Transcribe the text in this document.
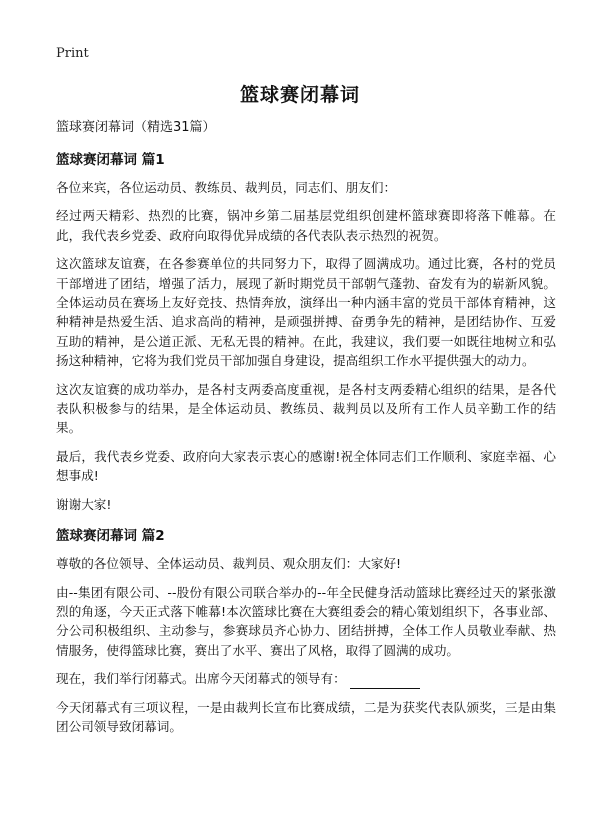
Print
篮球赛闭幕词
篮球赛闭幕词（精选31篇）
篮球赛闭幕词 篇1

各位来宾，各位运动员、教练员、裁判员，同志们、朋友们：

经过两天精彩、热烈的比赛，锅冲乡第二届基层党组织创建杯篮球赛即将落下帷幕。在此，我代表乡党委、政府向取得优异成绩的各代表队表示热烈的祝贺。

这次篮球友谊赛，在各参赛单位的共同努力下，取得了圆满成功。通过比赛，各村的党员干部增进了团结，增强了活力，展现了新时期党员干部朝气蓬勃、奋发有为的崭新风貌。全体运动员在赛场上友好竞技、热情奔放，演绎出一种内涵丰富的党员干部体育精神，这种精神是热爱生活、追求高尚的精神，是顽强拼搏、奋勇争先的精神，是团结协作、互爱互助的精神，是公道正派、无私无畏的精神。在此，我建议，我们要一如既往地树立和弘扬这种精神，它将为我们党员干部加强自身建设，提高组织工作水平提供强大的动力。

这次友谊赛的成功举办，是各村支两委高度重视，是各村支两委精心组织的结果，是各代表队积极参与的结果，是全体运动员、教练员、裁判员以及所有工作人员辛勤工作的结果。

最后，我代表乡党委、政府向大家表示衷心的感谢!祝全体同志们工作顺利、家庭幸福、心想事成!

谢谢大家!

篮球赛闭幕词 篇2

尊敬的各位领导、全体运动员、裁判员、观众朋友们：大家好!

由--集团有限公司、--股份有限公司联合举办的--年全民健身活动篮球比赛经过天的紧张激烈的角逐，今天正式落下帷幕!本次篮球比赛在大赛组委会的精心策划组织下，各事业部、分公司积极组织、主动参与，参赛球员齐心协力、团结拼搏，全体工作人员敬业奉献、热情服务，使得篮球比赛，赛出了水平、赛出了风格，取得了圆满的成功。

现在，我们举行闭幕式。出席今天闭幕式的领导有：

今天闭幕式有三项议程，一是由裁判长宣布比赛成绩，二是为获奖代表队颁奖，三是由集团公司领导致闭幕词。
